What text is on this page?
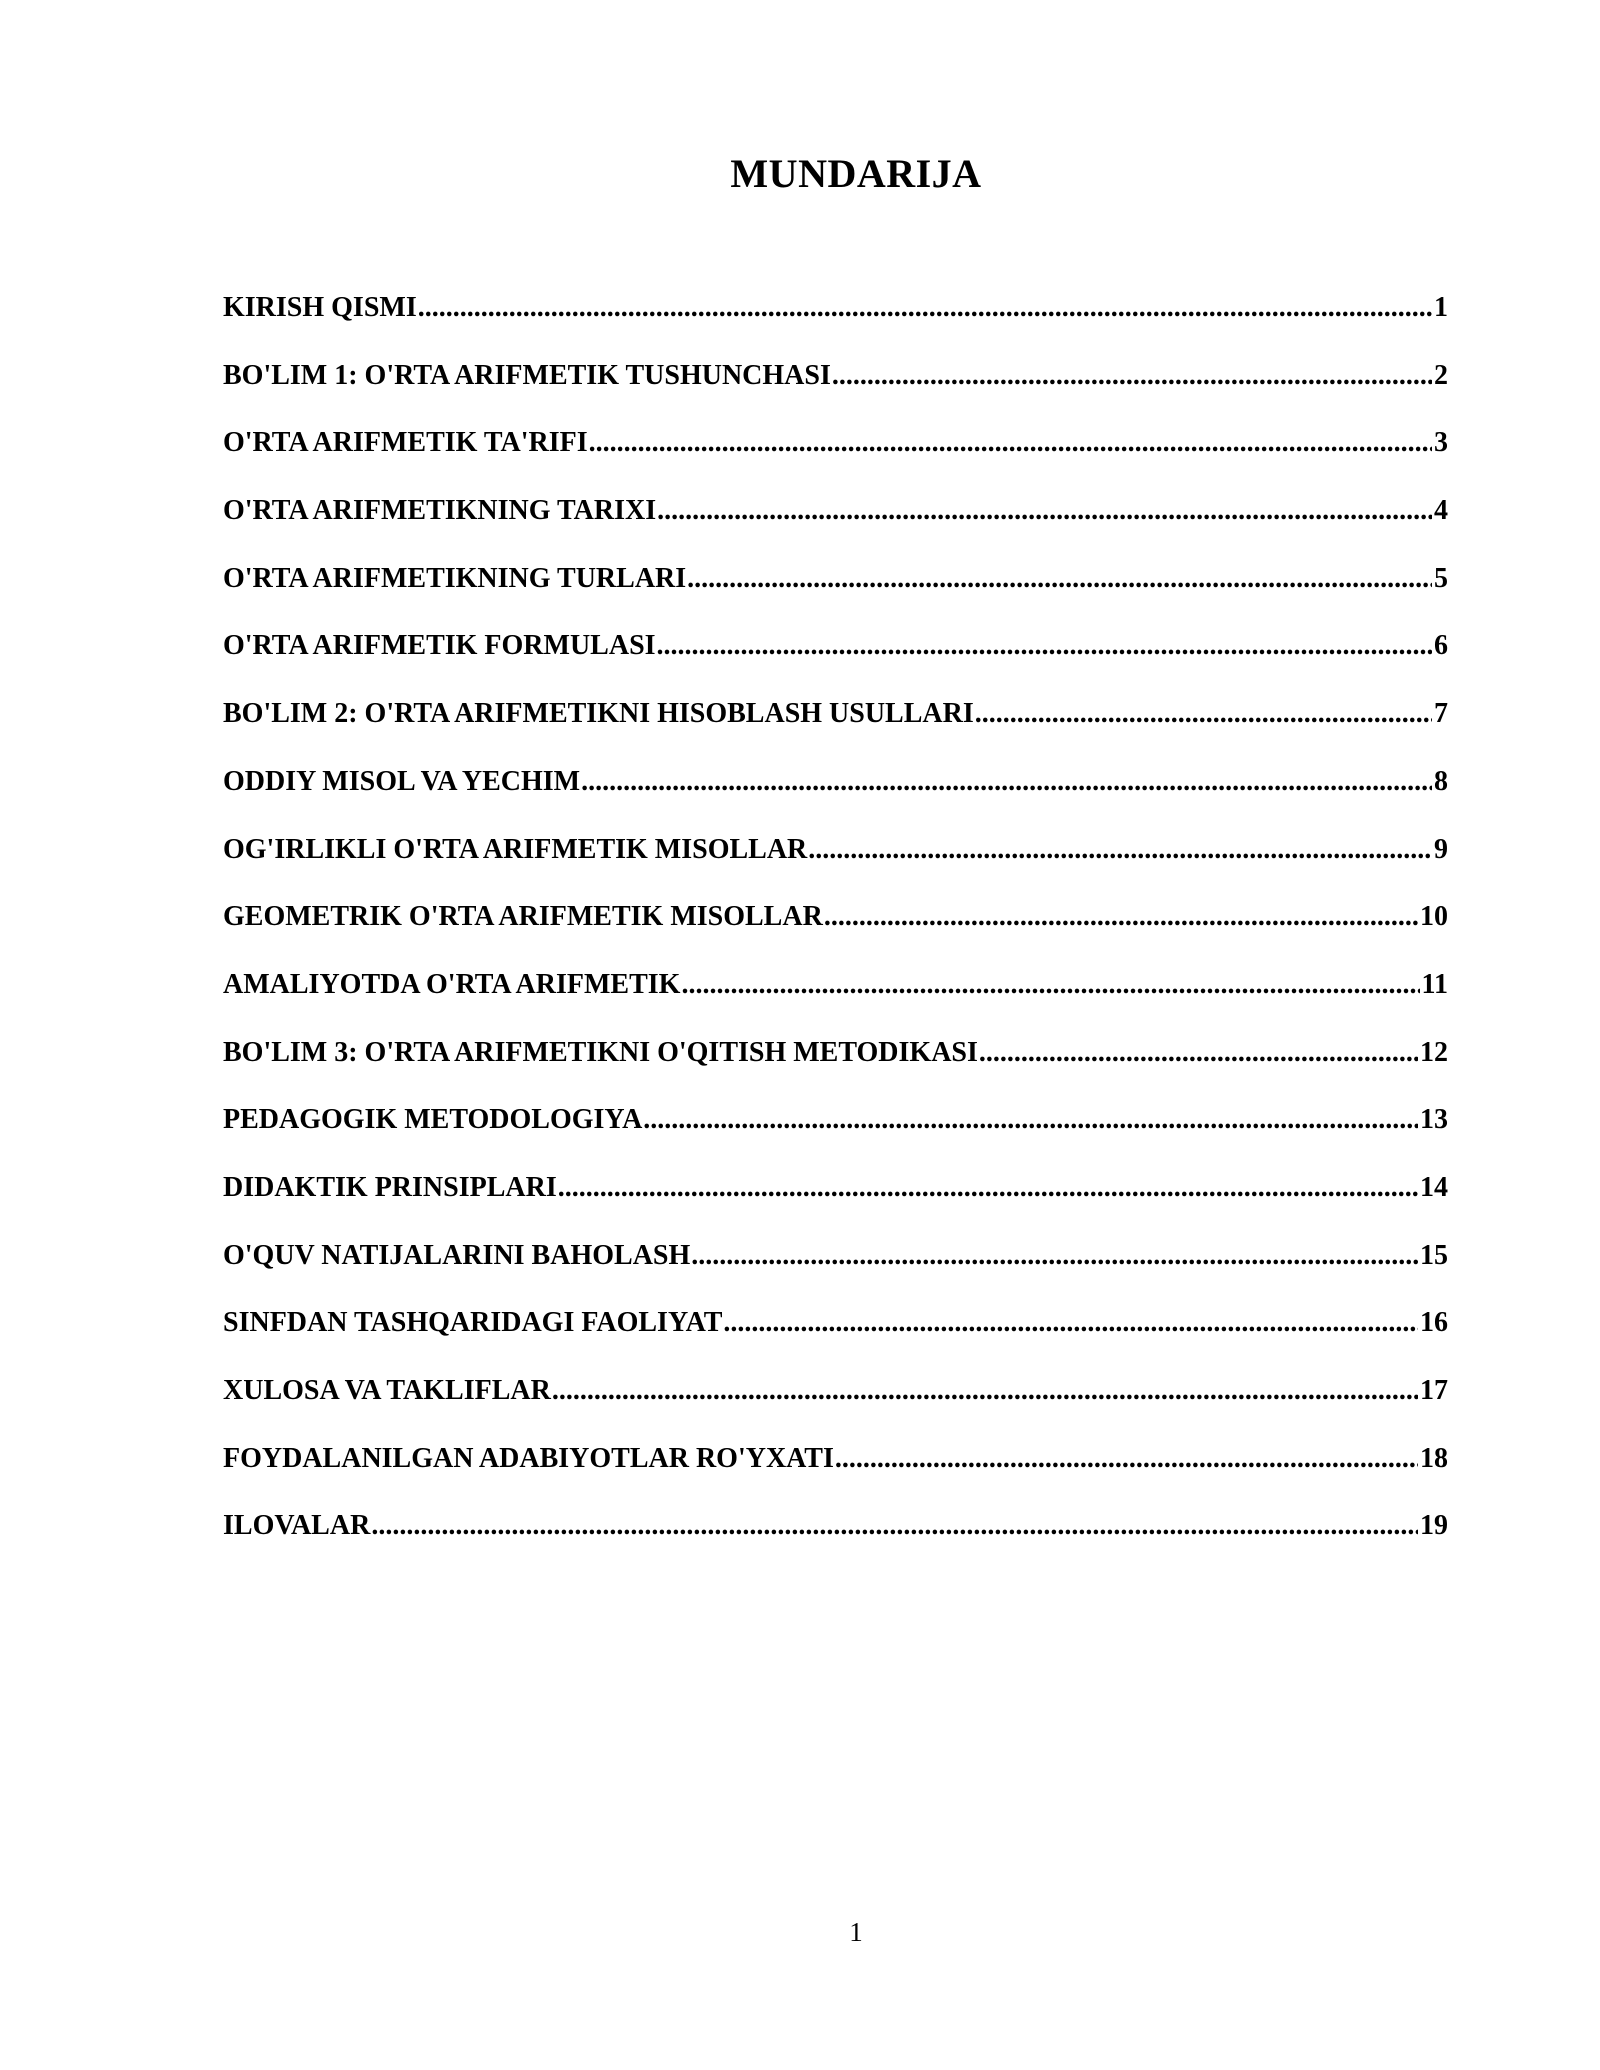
MUNDARIJA
KIRISH QISMI .....	1
BO'LIM 1: O'RTA ARIFMETIK TUSHUNCHASI .....	2
O'RTA ARIFMETIK TA'RIFI .....	3
O'RTA ARIFMETIKNING TARIXI .....	4
O'RTA ARIFMETIKNING TURLARI .....	5
O'RTA ARIFMETIK FORMULASI .....	6
BO'LIM 2: O'RTA ARIFMETIKNI HISOBLASH USULLARI .....	7
ODDIY MISOL VA YECHIM .....	8
OG'IRLIKLI O'RTA ARIFMETIK MISOLLAR .....	9
GEOMETRIK O'RTA ARIFMETIK MISOLLAR .....	10
AMALIYOTDA O'RTA ARIFMETIK .....	11
BO'LIM 3: O'RTA ARIFMETIKNI O'QITISH METODIKASI .....	12
PEDAGOGIK METODOLOGIYA .....	13
DIDAKTIK PRINSIPLARI .....	14
O'QUV NATIJALARINI BAHOLASH .....	15
SINFDAN TASHQARIDAGI FAOLIYAT .....	16
XULOSA VA TAKLIFLAR .....	17
FOYDALANILGAN ADABIYOTLAR RO'YXATI .....	18
ILOVALAR .....	19
1
